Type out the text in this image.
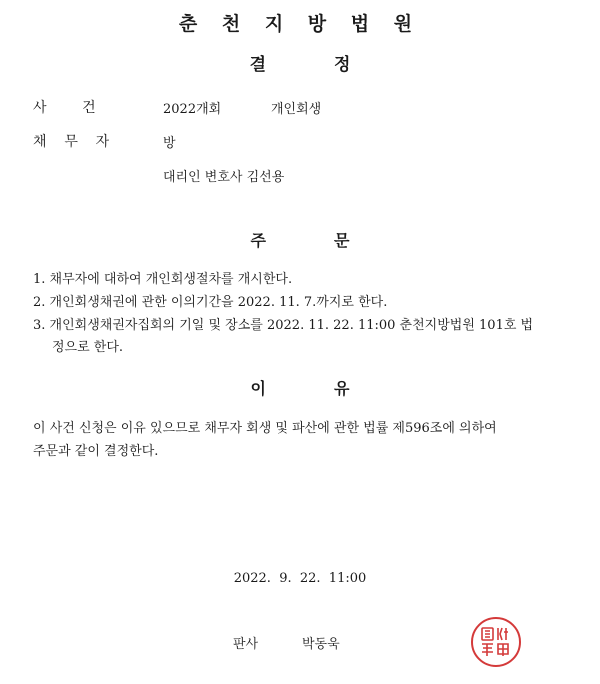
춘 천 지 방 법 원
결	정
사        건	2022개회	개인회생
채    무    자	방
대리인 변호사 김선용
주	문
1. 채무자에 대하여 개인회생절차를 개시한다.
2. 개인회생채권에 관한 이의기간을 2022. 11. 7.까지로 한다.
3. 개인회생채권자집회의 기일 및 장소를 2022. 11. 22. 11:00 춘천지방법원 101호 법
정으로 한다.
이	유
이 사건 신청은 이유 있으므로 채무자 회생 및 파산에 관한 법률 제596조에 의하여
주문과 같이 결정한다.
2022.  9.  22.  11:00
판사	박동욱
